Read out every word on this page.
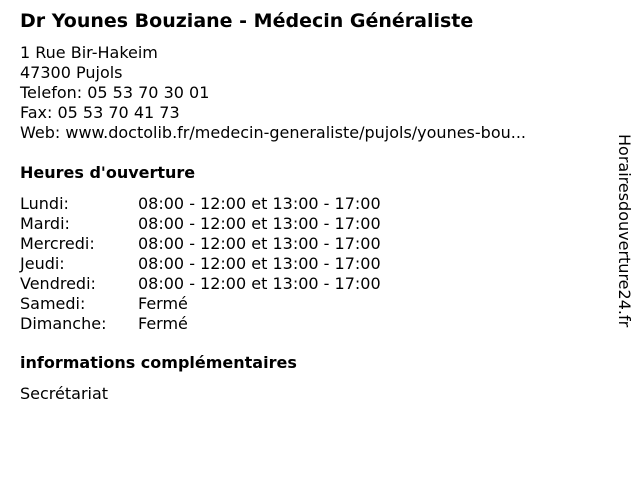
Dr Younes Bouziane - Médecin Généraliste
1 Rue Bir-Hakeim
47300 Pujols
Telefon: 05 53 70 30 01
Fax: 05 53 70 41 73
Web: www.doctolib.fr/medecin-generaliste/pujols/younes-bou...
Heures d'ouverture
Lundi:	08:00 - 12:00 et 13:00 - 17:00
Mardi:	08:00 - 12:00 et 13:00 - 17:00
Mercredi:	08:00 - 12:00 et 13:00 - 17:00
Jeudi:	08:00 - 12:00 et 13:00 - 17:00
Vendredi:	08:00 - 12:00 et 13:00 - 17:00
Samedi:	Fermé
Dimanche: Fermé
informations complémentaires
Secrétariat
Horairesdouverture24.fr
